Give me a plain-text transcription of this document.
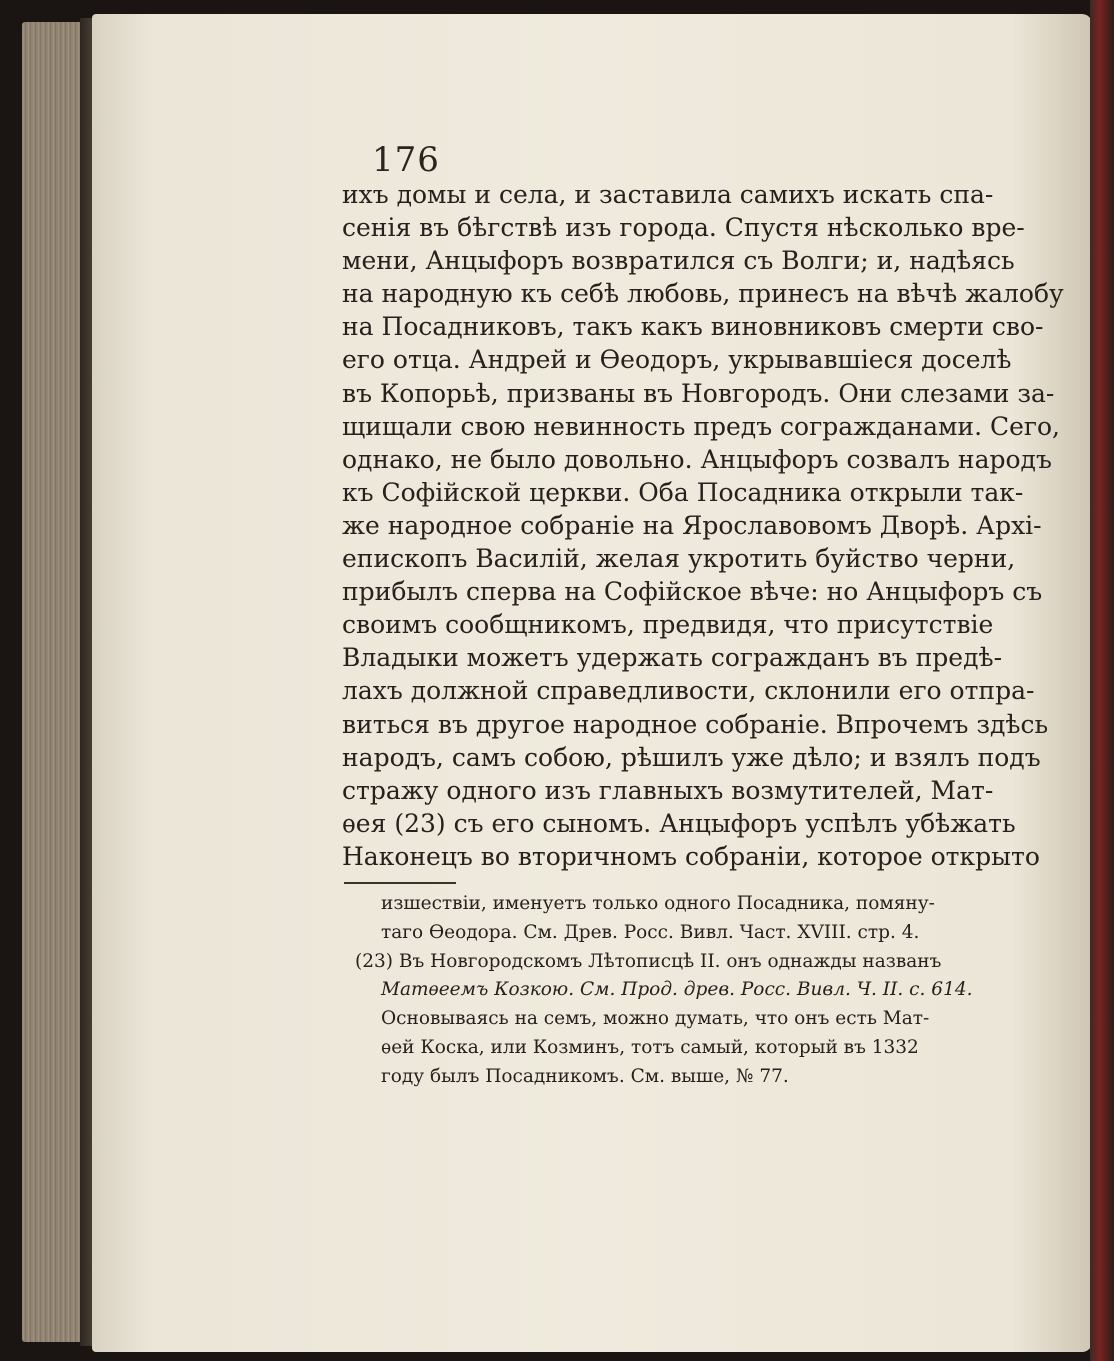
176
ихъ домы и села, и заставила самихъ искать спа-
сенія въ бѣгствѣ изъ города. Спустя нѣсколько вре-
мени, Анцыфоръ возвратился съ Волги; и, надѣясь
на народную къ себѣ любовь, принесъ на вѣчѣ жалобу
на Посадниковъ, такъ какъ виновниковъ смерти сво-
его отца. Андрей и Ѳеодоръ, укрывавшіеся доселѣ
въ Копорьѣ, призваны въ Новгородъ. Они слезами за-
щищали свою невинность предъ согражданами. Сего,
однако, не было довольно. Анцыфоръ созвалъ народъ
къ Софійской церкви. Оба Посадника открыли так-
же народное собраніе на Ярославовомъ Дворѣ. Архі-
епископъ Василій, желая укротить буйство черни,
прибылъ сперва на Софійское вѣче: но Анцыфоръ съ
своимъ сообщникомъ, предвидя, что присутствіе
Владыки можетъ удержать согражданъ въ предѣ-
лахъ должной справедливости, склонили его отпра-
виться въ другое народное собраніе. Впрочемъ здѣсь
народъ, самъ собою, рѣшилъ уже дѣло; и взялъ подъ
стражу одного изъ главныхъ возмутителей, Мат-
ѳея (23) съ его сыномъ. Анцыфоръ успѣлъ убѣжать
Наконецъ во вторичномъ собраніи, которое открыто
изшествіи, именуетъ только одного Посадника, помяну-
таго Ѳеодора. См. Древ. Росс. Вивл. Част. XVIII. стр. 4.
(23) Въ Новгородскомъ Лѣтописцѣ II. онъ однажды названъ
Матѳеемъ Козкою. См. Прод. древ. Росс. Вивл. Ч. II. с. 614.
Основываясь на семъ, можно думать, что онъ есть Мат-
ѳей Коска, или Козминъ, тотъ самый, который въ 1332
году былъ Посадникомъ. См. выше, № 77.
